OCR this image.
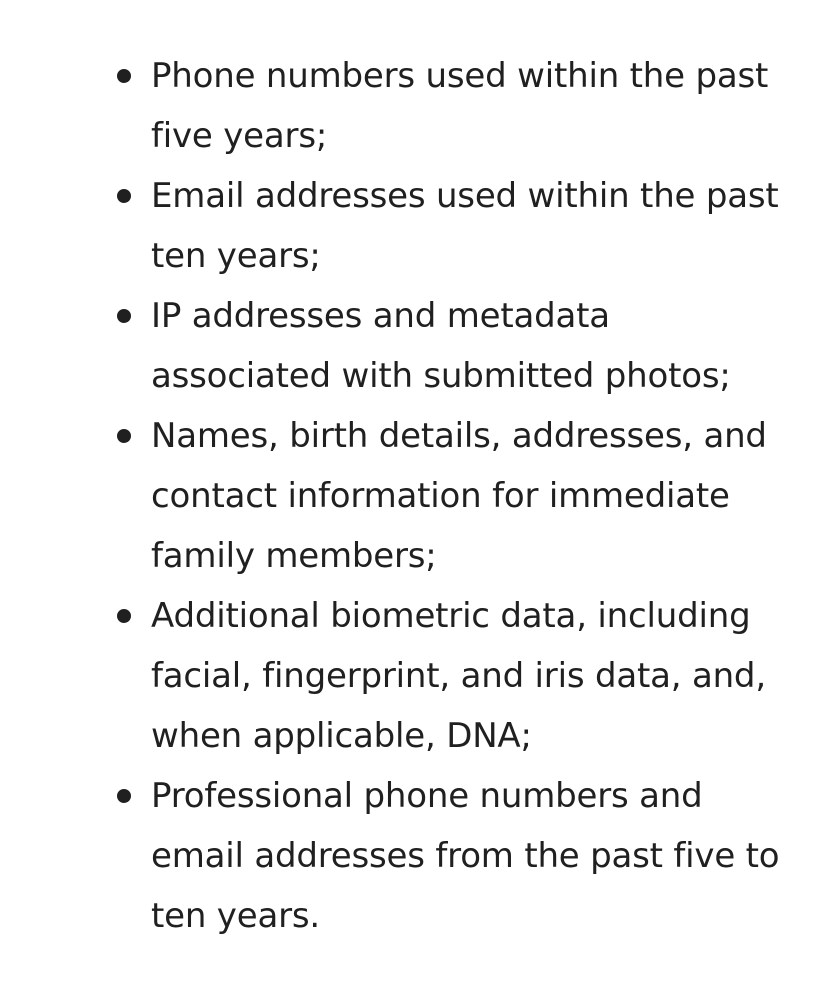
Phone numbers used within the past
five years;
Email addresses used within the past
ten years;
IP addresses and metadata
associated with submitted photos;
Names, birth details, addresses, and
contact information for immediate
family members;
Additional biometric data, including
facial, fingerprint, and iris data, and,
when applicable, DNA;
Professional phone numbers and
email addresses from the past five to
ten years.
